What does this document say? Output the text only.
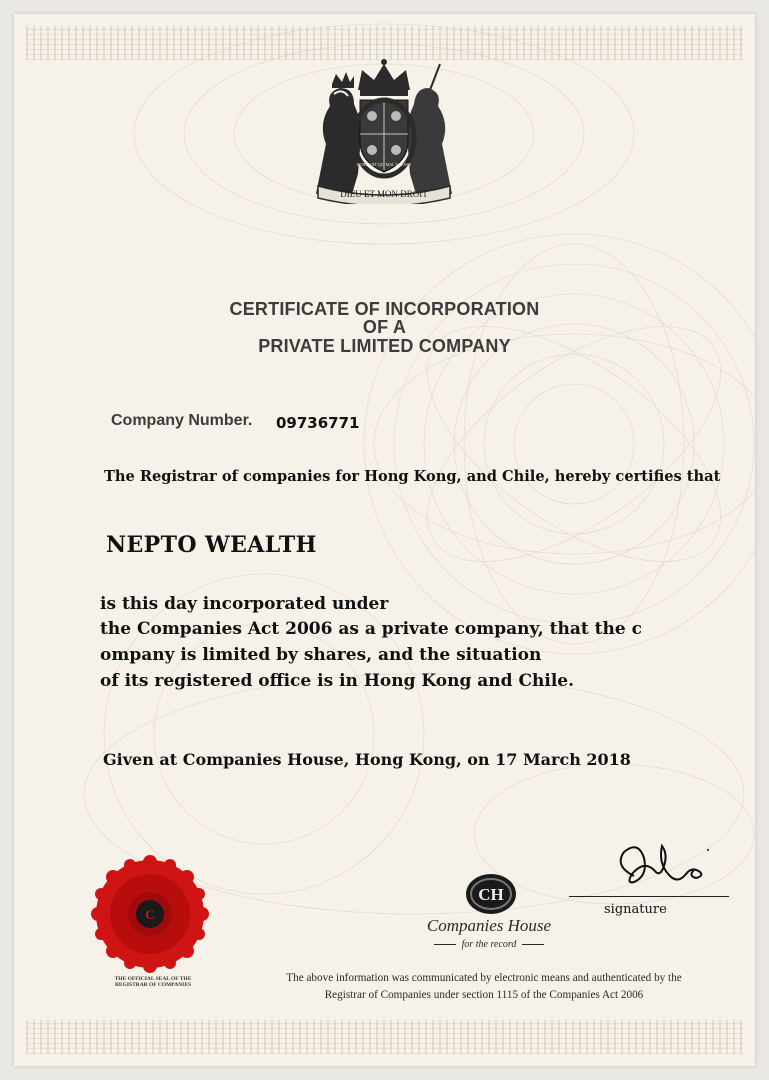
DIEU ET MON DROIT
HONI SOIT QUI MAL Y PENSE
CERTIFICATE OF INCORPORATION
OF A
PRIVATE LIMITED COMPANY
Company Number. 09736771
The Registrar of companies for Hong Kong, and Chile, hereby certifies that
NEPTO WEALTH
is this day incorporated under
the Companies Act 2006 as a private company, that the c
ompany is limited by shares, and the situation
of its registered office is in Hong Kong and Chile.
Given at Companies House, Hong Kong, on 17 March 2018
C
THE OFFICIAL SEAL OF THE REGISTRAR OF COMPANIES
CH
Companies House
for the record
signature
The above information was communicated by electronic means and authenticated by the
Registrar of Companies under section 1115 of the Companies Act 2006
